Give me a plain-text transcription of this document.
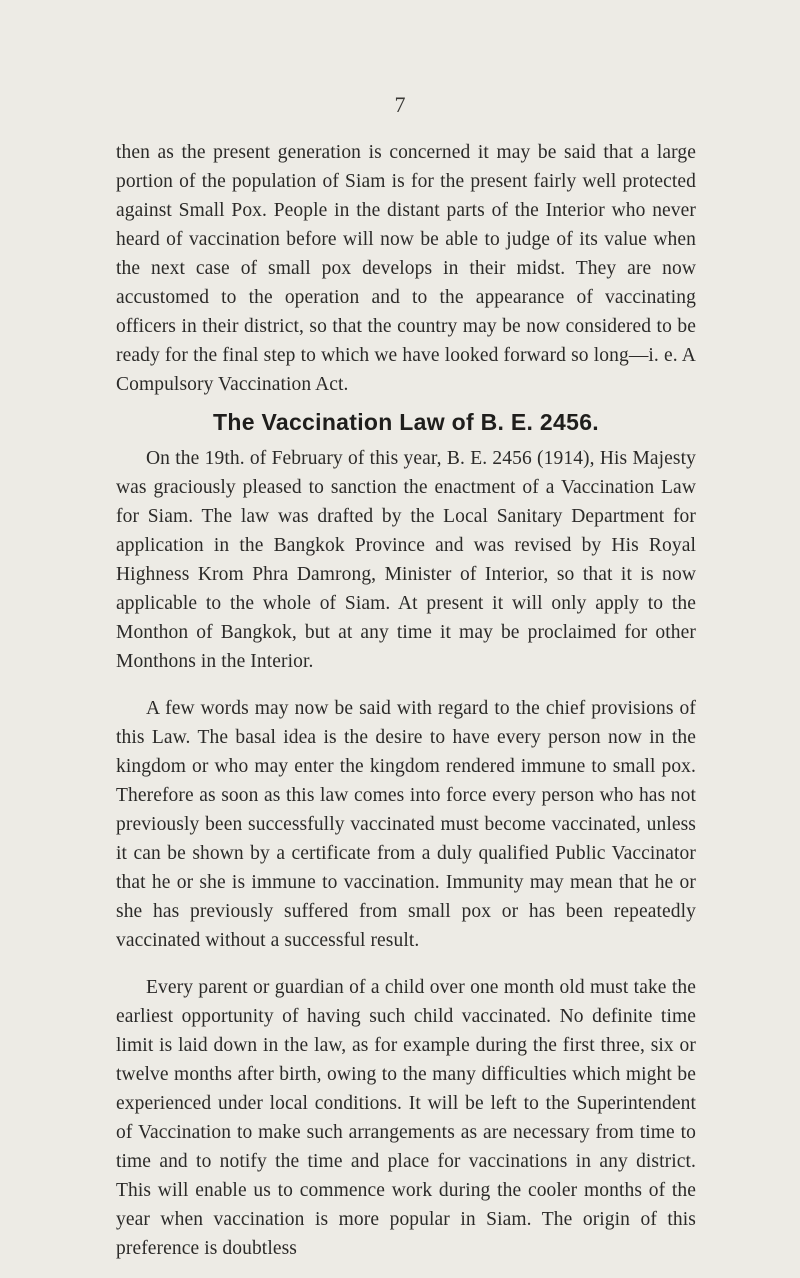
7

then as the present generation is concerned it may be said that a large portion of the population of Siam is for the present fairly well protected against Small Pox. People in the distant parts of the Interior who never heard of vaccination before will now be able to judge of its value when the next case of small pox develops in their midst. They are now accustomed to the operation and to the appearance of vaccinating officers in their district, so that the country may be now considered to be ready for the final step to which we have looked forward so long—i. e. A Compulsory Vaccination Act.

The Vaccination Law of B. E. 2456.

On the 19th. of February of this year, B. E. 2456 (1914), His Majesty was graciously pleased to sanction the enactment of a Vaccination Law for Siam. The law was drafted by the Local Sanitary Department for application in the Bangkok Province and was revised by His Royal Highness Krom Phra Damrong, Minister of Interior, so that it is now applicable to the whole of Siam. At present it will only apply to the Monthon of Bangkok, but at any time it may be proclaimed for other Monthons in the Interior.

A few words may now be said with regard to the chief provisions of this Law. The basal idea is the desire to have every person now in the kingdom or who may enter the kingdom rendered immune to small pox. Therefore as soon as this law comes into force every person who has not previously been successfully vaccinated must become vaccinated, unless it can be shown by a certificate from a duly qualified Public Vaccinator that he or she is immune to vaccination. Immunity may mean that he or she has previously suffered from small pox or has been repeatedly vaccinated without a successful result.

Every parent or guardian of a child over one month old must take the earliest opportunity of having such child vaccinated. No definite time limit is laid down in the law, as for example during the first three, six or twelve months after birth, owing to the many difficulties which might be experienced under local conditions. It will be left to the Superintendent of Vaccination to make such arrangements as are necessary from time to time and to notify the time and place for vaccinations in any district. This will enable us to commence work during the cooler months of the year when vaccination is more popular in Siam. The origin of this preference is doubtless
